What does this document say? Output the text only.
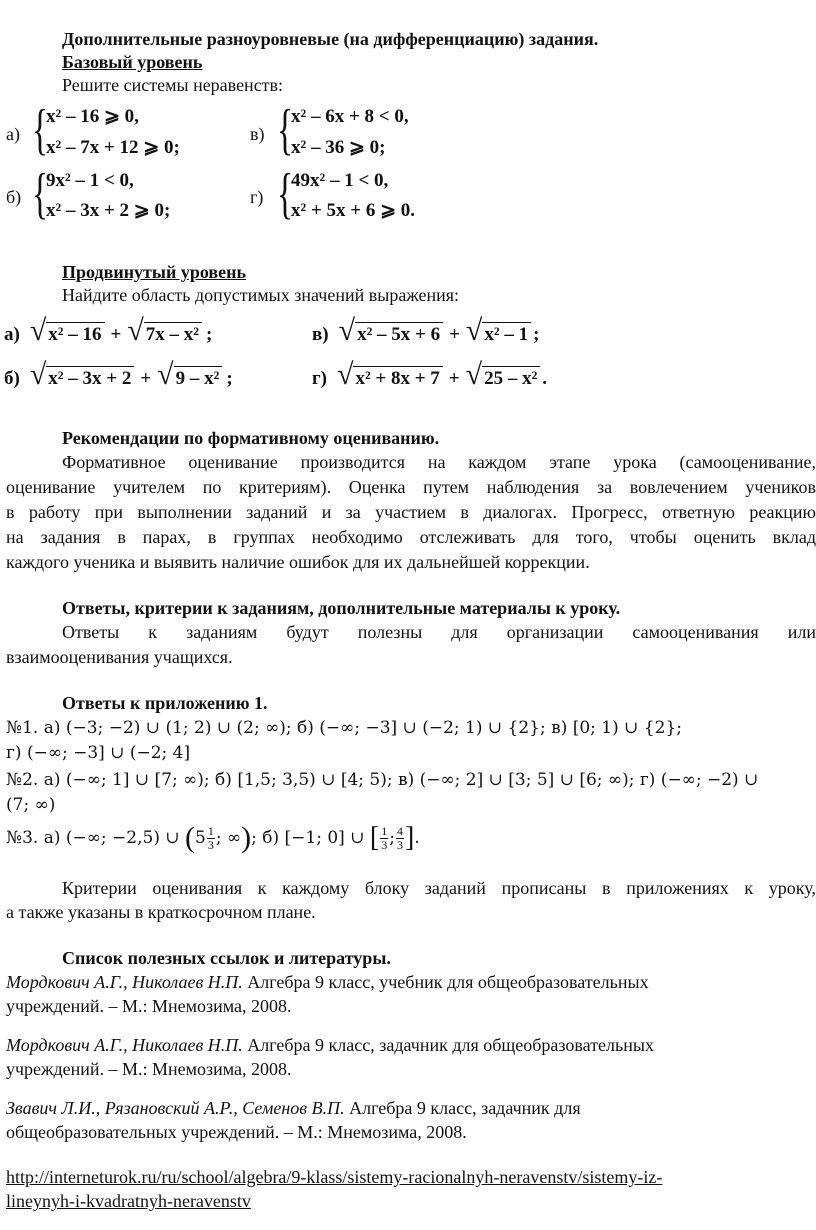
Дополнительные разноуровневые (на дифференциацию) задания.
Базовый уровень
Решите системы неравенств:
а) {
x² – 16 ⩾ 0,
x² – 7x + 12 ⩾ 0;
в) {
x² – 6x + 8 < 0,
x² – 36 ⩾ 0;
б) {
9x² – 1 < 0,
x² – 3x + 2 ⩾ 0;
г) {
49x² – 1 < 0,
x² + 5x + 6 ⩾ 0.
Продвинутый уровень
Найдите область допустимых значений выражения:
а) √ x² – 16 + √ 7x – x² ;	в) √ x² – 5x + 6 + √ x² – 1 ;
б) √ x² – 3x + 2 + √ 9 – x² ;	г) √ x² + 8x + 7 + √ 25 – x² .
Рекомендации по формативному оцениванию.
Формативное оценивание производится на каждом этапе урока (самооценивание,
оценивание учителем по критериям). Оценка путем наблюдения за вовлечением учеников
в работу при выполнении заданий и за участием в диалогах. Прогресс, ответную реакцию
на задания в парах, в группах необходимо отслеживать для того, чтобы оценить вклад
каждого ученика и выявить наличие ошибок для их дальнейшей коррекции.
Ответы, критерии к заданиям, дополнительные материалы к уроку.
Ответы к заданиям будут полезны для организации самооценивания или
взаимооценивания учащихся.
Ответы к приложению 1.
№1. а) (−3; −2) ∪ (1; 2) ∪ (2; ∞); б) (−∞; −3] ∪ (−2; 1) ∪ {2}; в) [0; 1) ∪ {2};
г) (−∞; −3] ∪ (−2; 4]
№2. а) (−∞; 1] ∪ [7; ∞); б) [1,5; 3,5) ∪ [4; 5); в) (−∞; 2] ∪ [3; 5] ∪ [6; ∞); г) (−∞; −2) ∪
(7; ∞)
№3. а) (−∞; −2,5) ∪ ($5 \frac{1}{3}$ ; ∞); б) [−1; 0] ∪ [ $\frac{1}{3}$ ; $\frac{4}{3}$ ].
Критерии оценивания к каждому блоку заданий прописаны в приложениях к уроку,
а также указаны в краткосрочном плане.
Список полезных ссылок и литературы.
Мордкович А.Г., Николаев Н.П. Алгебра 9 класс, учебник для общеобразовательных
учреждений. – М.: Мнемозима, 2008.
Мордкович А.Г., Николаев Н.П. Алгебра 9 класс, задачник для общеобразовательных
учреждений. – М.: Мнемозима, 2008.
Звавич Л.И., Рязановский А.Р., Семенов В.П. Алгебра 9 класс, задачник для
общеобразовательных учреждений. – М.: Мнемозима, 2008.
http://interneturok.ru/ru/school/algebra/9-klass/sistemy-racionalnyh-neravenstv/sistemy-iz-
lineynyh-i-kvadratnyh-neravenstv
